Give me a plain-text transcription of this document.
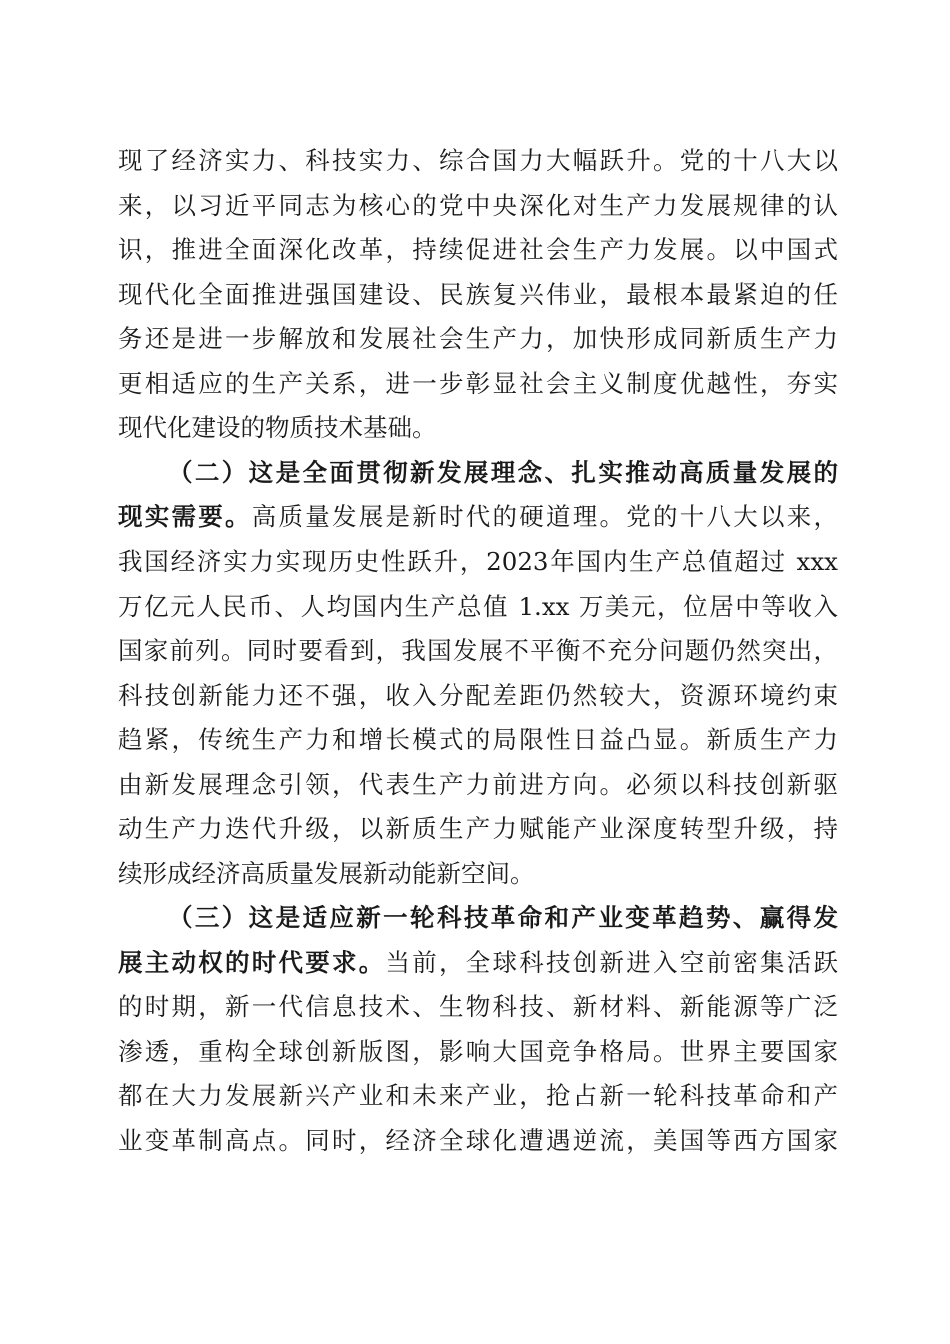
现了经济实力、科技实力、综合国力大幅跃升。党的十八大以
来，以习近平同志为核心的党中央深化对生产力发展规律的认
识，推进全面深化改革，持续促进社会生产力发展。以中国式
现代化全面推进强国建设、民族复兴伟业，最根本最紧迫的任
务还是进一步解放和发展社会生产力，加快形成同新质生产力
更相适应的生产关系，进一步彰显社会主义制度优越性，夯实
现代化建设的物质技术基础。
（二）这是全面贯彻新发展理念、扎实推动高质量发展的
现实需要。高质量发展是新时代的硬道理。党的十八大以来，
我国经济实力实现历史性跃升，2023年国内生产总值超过 xxx
万亿元人民币、人均国内生产总值 1.xx 万美元，位居中等收入
国家前列。同时要看到，我国发展不平衡不充分问题仍然突出，
科技创新能力还不强，收入分配差距仍然较大，资源环境约束
趋紧，传统生产力和增长模式的局限性日益凸显。新质生产力
由新发展理念引领，代表生产力前进方向。必须以科技创新驱
动生产力迭代升级，以新质生产力赋能产业深度转型升级，持
续形成经济高质量发展新动能新空间。
（三）这是适应新一轮科技革命和产业变革趋势、赢得发
展主动权的时代要求。当前，全球科技创新进入空前密集活跃
的时期，新一代信息技术、生物科技、新材料、新能源等广泛
渗透，重构全球创新版图，影响大国竞争格局。世界主要国家
都在大力发展新兴产业和未来产业，抢占新一轮科技革命和产
业变革制高点。同时，经济全球化遭遇逆流，美国等西方国家
